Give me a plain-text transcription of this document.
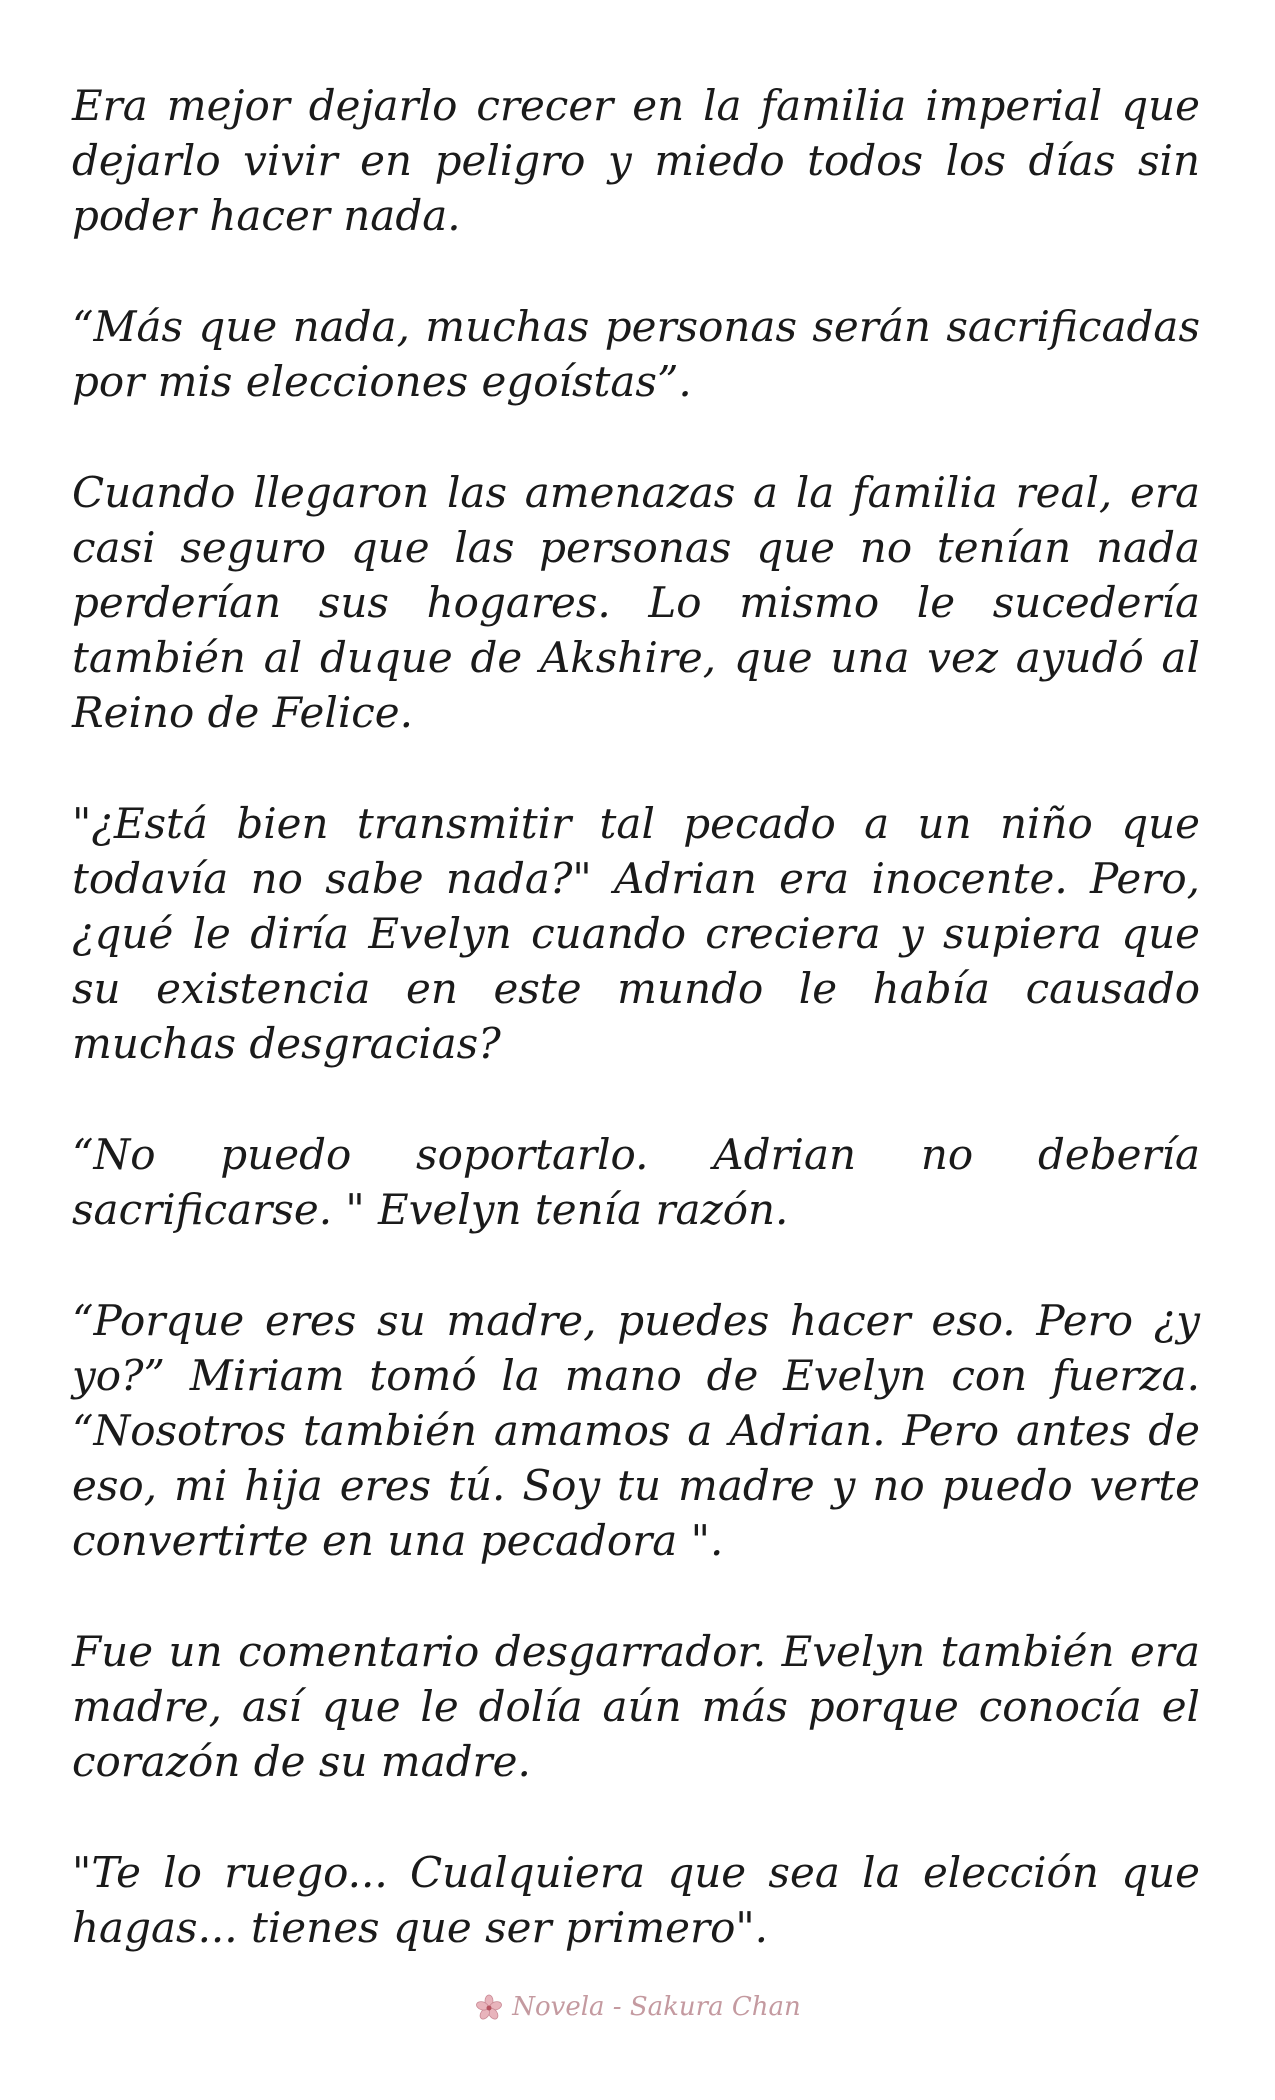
Era mejor dejarlo crecer en la familia imperial que dejarlo vivir en peligro y miedo todos los días sin poder hacer nada.

“Más que nada, muchas personas serán sacrificadas por mis elecciones egoístas”.

Cuando llegaron las amenazas a la familia real, era casi seguro que las personas que no tenían nada perderían sus hogares. Lo mismo le sucedería también al duque de Akshire, que una vez ayudó al Reino de Felice.

"¿Está bien transmitir tal pecado a un niño que todavía no sabe nada?" Adrian era inocente. Pero, ¿qué le diría Evelyn cuando creciera y supiera que su existencia en este mundo le había causado muchas desgracias?

“No puedo soportarlo. Adrian no debería sacrificarse. " Evelyn tenía razón.

“Porque eres su madre, puedes hacer eso. Pero ¿y yo?” Miriam tomó la mano de Evelyn con fuerza. “Nosotros también amamos a Adrian. Pero antes de eso, mi hija eres tú. Soy tu madre y no puedo verte convertirte en una pecadora ".

Fue un comentario desgarrador. Evelyn también era madre, así que le dolía aún más porque conocía el corazón de su madre.

"Te lo ruego... Cualquiera que sea la elección que hagas... tienes que ser primero".

Novela - Sakura Chan
